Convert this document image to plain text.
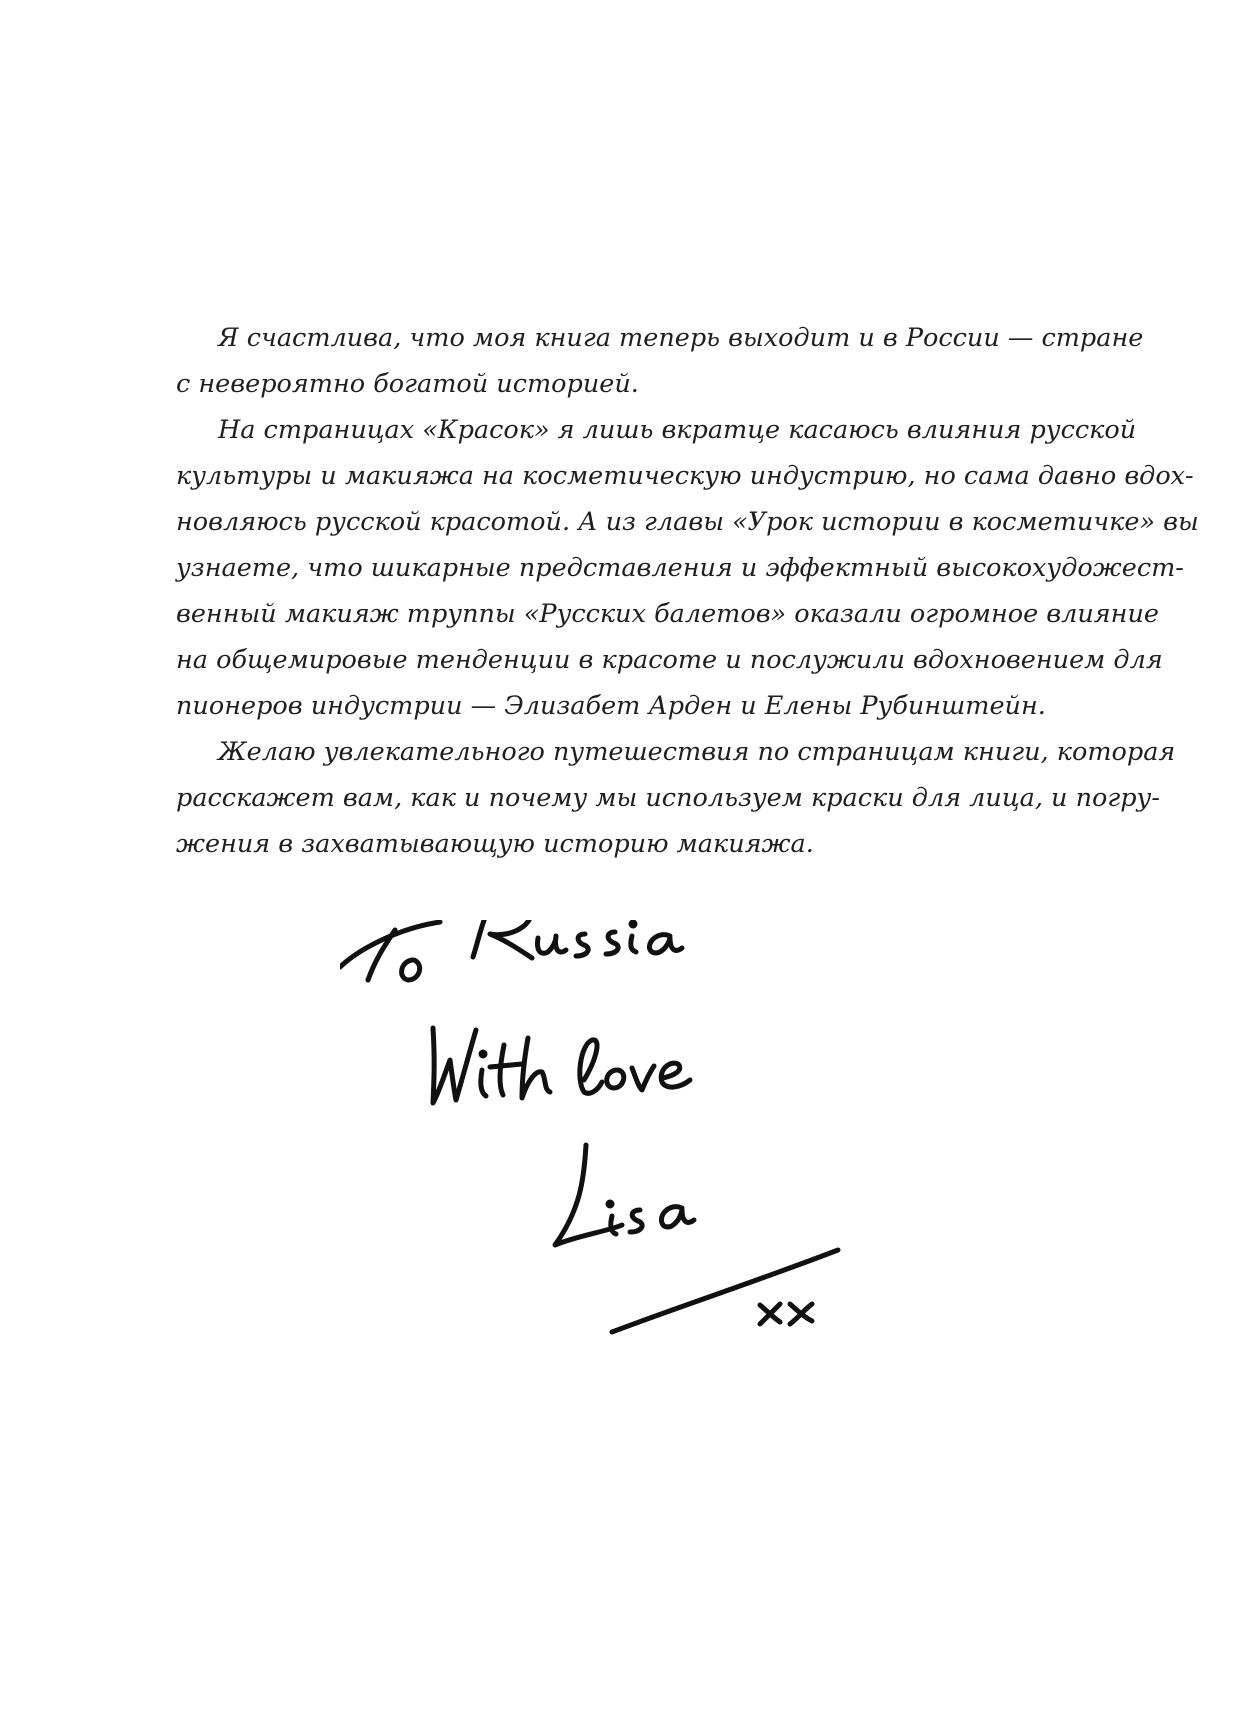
Я счастлива, что моя книга теперь выходит и в России — стране
с невероятно богатой историей.

На страницах «Красок» я лишь вкратце касаюсь влияния русской
культуры и макияжа на косметическую индустрию, но сама давно вдох-
новляюсь русской красотой. А из главы «Урок истории в косметичке» вы
узнаете, что шикарные представления и эффектный высокохудожест-
венный макияж труппы «Русских балетов» оказали огромное влияние
на общемировые тенденции в красоте и послужили вдохновением для
пионеров индустрии — Элизабет Арден и Елены Рубинштейн.

Желаю увлекательного путешествия по страницам книги, которая
расскажет вам, как и почему мы используем краски для лица, и погру-
жения в захватывающую историю макияжа.
